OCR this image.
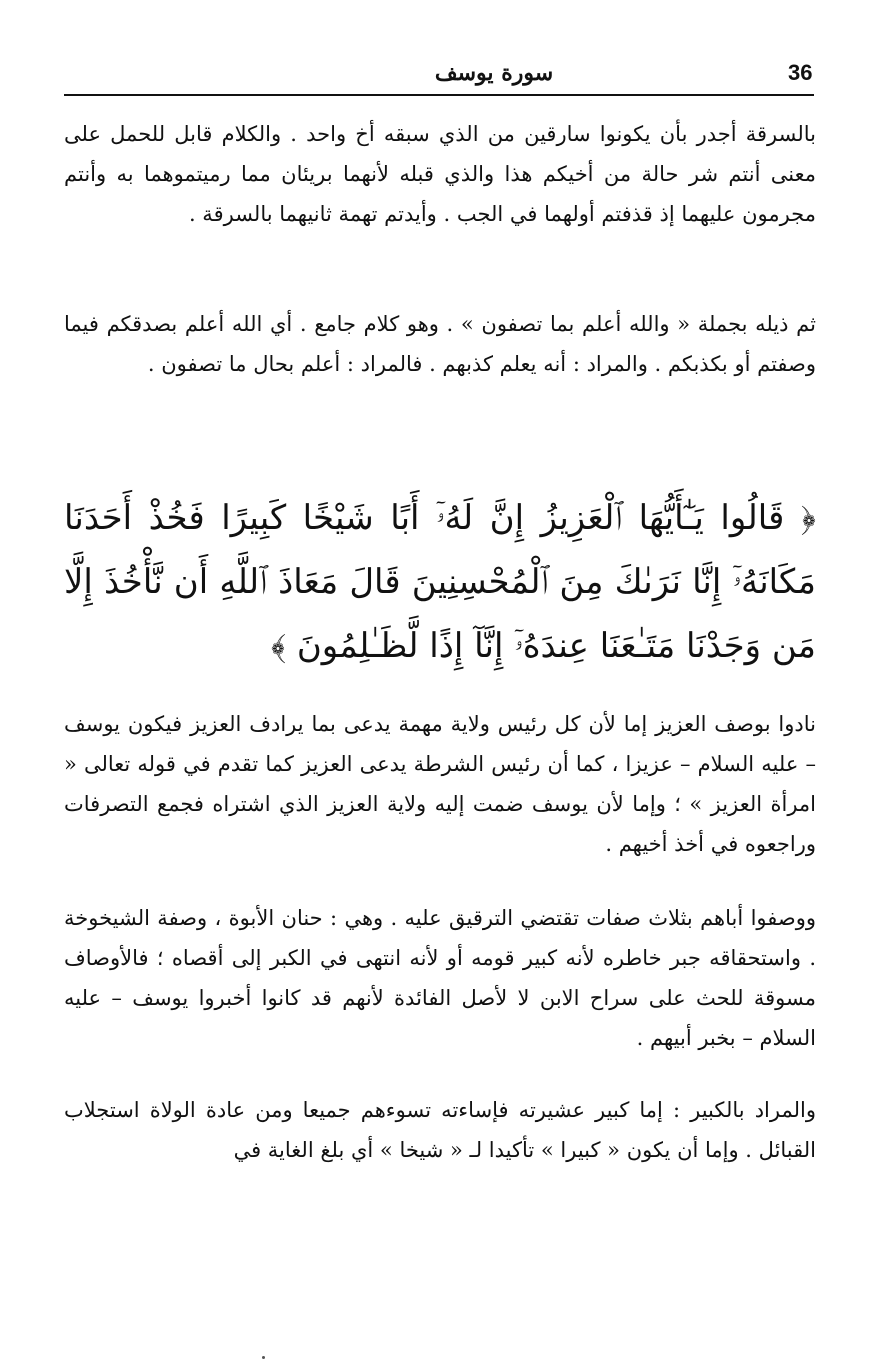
36
سورة يوسف

بالسرقة أجدر بأن يكونوا سارقين من الذي سبقه أخ واحد . والكلام قابل للحمل على معنى أنتم شر حالة من أخيكم هذا والذي قبله لأنهما بريئان مما رميتموهما به وأنتم مجرمون عليهما إذ قذفتم أولهما في الجب . وأيدتم تهمة ثانيهما بالسرقة .

ثم ذيله بجملة « والله أعلم بما تصفون » . وهو كلام جامع . أي الله أعلم بصدقكم فيما وصفتم أو بكذبكم . والمراد : أنه يعلم كذبهم . فالمراد : أعلم بحال ما تصفون .

﴿ قَالُوا يَـٰٓأَيُّهَا ٱلْعَزِيزُ إِنَّ لَهُۥٓ أَبًا شَيْخًا كَبِيرًا فَخُذْ أَحَدَنَا مَكَانَهُۥٓ إِنَّا نَرَىٰكَ مِنَ ٱلْمُحْسِنِينَ قَالَ مَعَاذَ ٱللَّهِ أَن نَّأْخُذَ إِلَّا مَن وَجَدْنَا مَتَـٰعَنَا عِندَهُۥٓ إِنَّآ إِذًا لَّظَـٰلِمُونَ ﴾

نادوا بوصف العزيز إما لأن كل رئيس ولاية مهمة يدعى بما يرادف العزيز فيكون يوسف – عليه السلام – عزيزا ، كما أن رئيس الشرطة يدعى العزيز كما تقدم في قوله تعالى « امرأة العزيز » ؛ وإما لأن يوسف ضمت إليه ولاية العزيز الذي اشتراه فجمع التصرفات وراجعوه في أخذ أخيهم .

ووصفوا أباهم بثلاث صفات تقتضي الترقيق عليه . وهي : حنان الأبوة ، وصفة الشيخوخة . واستحقاقه جبر خاطره لأنه كبير قومه أو لأنه انتهى في الكبر إلى أقصاه ؛ فالأوصاف مسوقة للحث على سراح الابن لا لأصل الفائدة لأنهم قد كانوا أخبروا يوسف – عليه السلام – بخبر أبيهم .

والمراد بالكبير : إما كبير عشيرته فإساءته تسوءهم جميعا ومن عادة الولاة استجلاب القبائل . وإما أن يكون « كبيرا » تأكيدا لـ « شيخا » أي بلغ الغاية في
